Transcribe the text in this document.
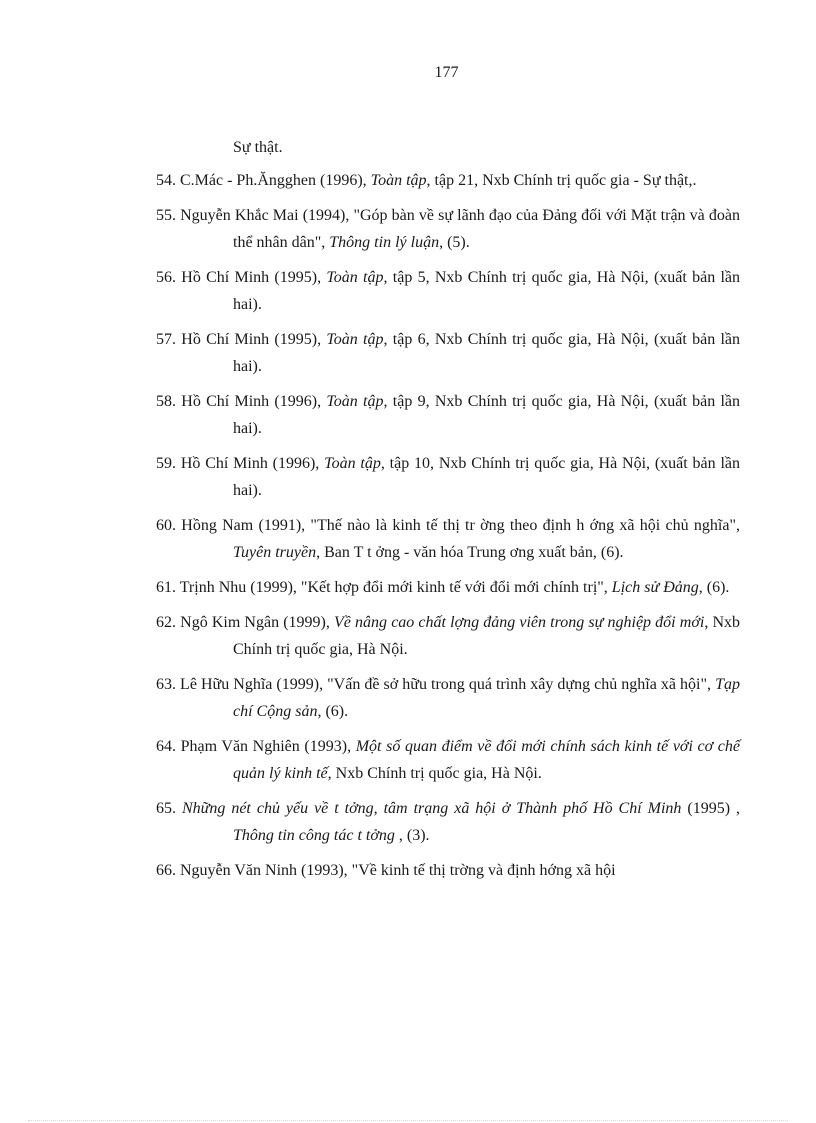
177
Sự thật.
54. C.Mác - Ph.Ăngghen (1996), Toàn tập, tập 21, Nxb Chính trị quốc gia - Sự thật,.
55. Nguyễn Khắc Mai (1994), "Góp bàn về sự lãnh đạo của Đảng đối với Mặt trận và đoàn thể nhân dân", Thông tin lý luận, (5).
56. Hồ Chí Minh (1995), Toàn tập, tập 5, Nxb Chính trị quốc gia, Hà Nội, (xuất bản lần hai).
57. Hồ Chí Minh (1995), Toàn tập, tập 6, Nxb Chính trị quốc gia, Hà Nội, (xuất bản lần hai).
58. Hồ Chí Minh (1996), Toàn tập, tập 9, Nxb Chính trị quốc gia, Hà Nội, (xuất bản lần hai).
59. Hồ Chí Minh (1996), Toàn tập, tập 10, Nxb Chính trị quốc gia, Hà Nội, (xuất bản lần hai).
60. Hồng Nam (1991), "Thế nào là kinh tế thị tr ờng theo định h ớng xã hội chủ nghĩa", Tuyên truyền, Ban T t ởng - văn hóa Trung ơng xuất bản, (6).
61. Trịnh Nhu (1999), "Kết hợp đổi mới kinh tế với đổi mới chính trị", Lịch sử Đảng, (6).
62. Ngô Kim Ngân (1999), Về nâng cao chất lợng đảng viên trong sự nghiệp đổi mới, Nxb Chính trị quốc gia, Hà Nội.
63. Lê Hữu Nghĩa (1999), "Vấn đề sở hữu trong quá trình xây dựng chủ nghĩa xã hội", Tạp chí Cộng sản, (6).
64. Phạm Văn Nghiên (1993), Một số quan điểm về đổi mới chính sách kinh tế với cơ chế quản lý kinh tế, Nxb Chính trị quốc gia, Hà Nội.
65. Những nét chủ yếu về t tởng, tâm trạng xã hội ở Thành phố Hồ Chí Minh (1995) , Thông tin công tác t tởng , (3).
66. Nguyễn Văn Ninh (1993), "Về kinh tế thị trờng và định hớng xã hội
